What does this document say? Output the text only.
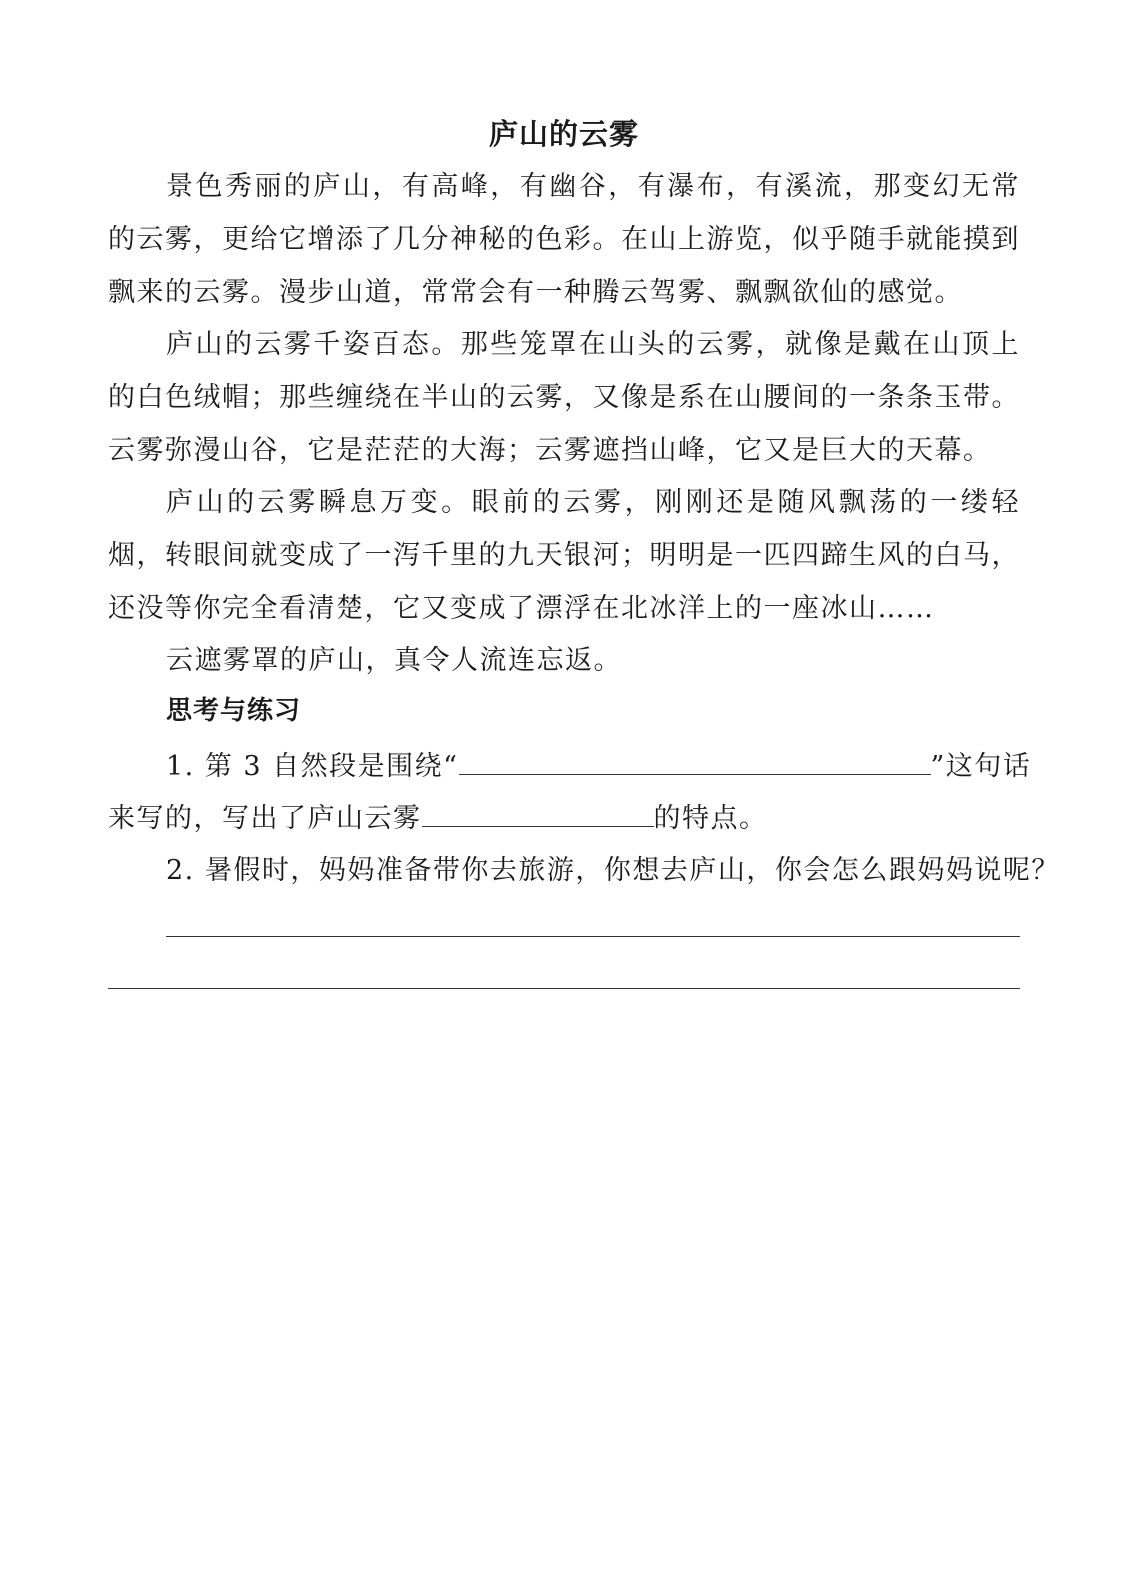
庐山的云雾

景色秀丽的庐山，有高峰，有幽谷，有瀑布，有溪流，那变幻无常的云雾，更给它增添了几分神秘的色彩。在山上游览，似乎随手就能摸到飘来的云雾。漫步山道，常常会有一种腾云驾雾、飘飘欲仙的感觉。

庐山的云雾千姿百态。那些笼罩在山头的云雾，就像是戴在山顶上的白色绒帽；那些缠绕在半山的云雾，又像是系在山腰间的一条条玉带。云雾弥漫山谷，它是茫茫的大海；云雾遮挡山峰，它又是巨大的天幕。

庐山的云雾瞬息万变。眼前的云雾，刚刚还是随风飘荡的一缕轻烟，转眼间就变成了一泻千里的九天银河；明明是一匹四蹄生风的白马，还没等你完全看清楚，它又变成了漂浮在北冰洋上的一座冰山……

云遮雾罩的庐山，真令人流连忘返。

思考与练习
1. 第 3 自然段是围绕“	”这句话
来写的，写出了庐山云雾	的特点。
2. 暑假时，妈妈准备带你去旅游，你想去庐山，你会怎么跟妈妈说呢？
